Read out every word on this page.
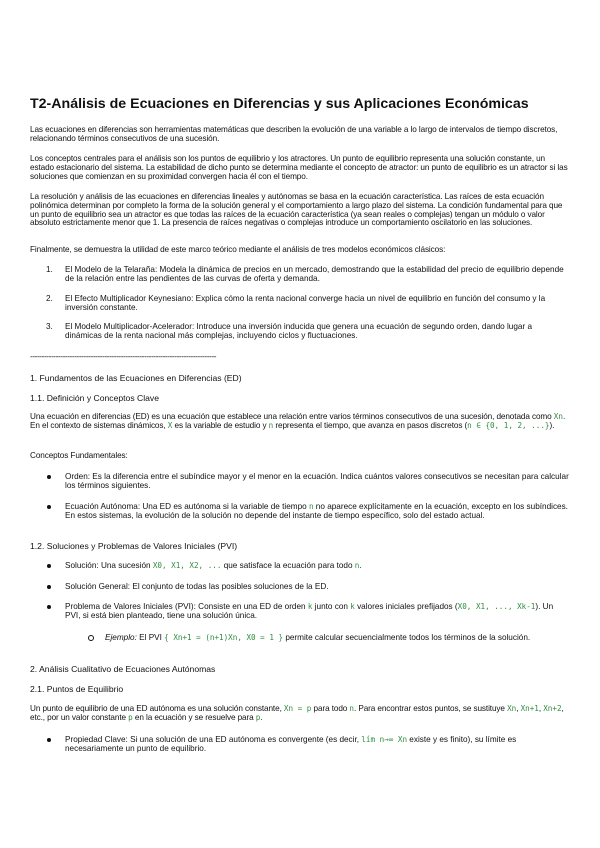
T2-Análisis de Ecuaciones en Diferencias y sus Aplicaciones Económicas
Las ecuaciones en diferencias son herramientas matemáticas que describen la evolución de una variable a lo largo de intervalos de tiempo discretos, relacionando términos consecutivos de una sucesión.
Los conceptos centrales para el análisis son los puntos de equilibrio y los atractores. Un punto de equilibrio representa una solución constante, un estado estacionario del sistema. La estabilidad de dicho punto se determina mediante el concepto de atractor: un punto de equilibrio es un atractor si las soluciones que comienzan en su proximidad convergen hacia él con el tiempo.
La resolución y análisis de las ecuaciones en diferencias lineales y autónomas se basa en la ecuación característica. Las raíces de esta ecuación polinómica determinan por completo la forma de la solución general y el comportamiento a largo plazo del sistema. La condición fundamental para que un punto de equilibrio sea un atractor es que todas las raíces de la ecuación característica (ya sean reales o complejas) tengan un módulo o valor absoluto estrictamente menor que 1. La presencia de raíces negativas o complejas introduce un comportamiento oscilatorio en las soluciones.
Finalmente, se demuestra la utilidad de este marco teórico mediante el análisis de tres modelos económicos clásicos:
1. El Modelo de la Telaraña: Modela la dinámica de precios en un mercado, demostrando que la estabilidad del precio de equilibrio depende de la relación entre las pendientes de las curvas de oferta y demanda.
2. El Efecto Multiplicador Keynesiano: Explica cómo la renta nacional converge hacia un nivel de equilibrio en función del consumo y la inversión constante.
3. El Modelo Multiplicador-Acelerador: Introduce una inversión inducida que genera una ecuación de segundo orden, dando lugar a dinámicas de la renta nacional más complejas, incluyendo ciclos y fluctuaciones.
--------------------------------------------------------------------------------
1. Fundamentos de las Ecuaciones en Diferencias (ED)
1.1. Definición y Conceptos Clave
Una ecuación en diferencias (ED) es una ecuación que establece una relación entre varios términos consecutivos de una sucesión, denotada como Xn. En el contexto de sistemas dinámicos, X es la variable de estudio y n representa el tiempo, que avanza en pasos discretos (n ∈ {0, 1, 2, ...}).
Conceptos Fundamentales:
Orden: Es la diferencia entre el subíndice mayor y el menor en la ecuación. Indica cuántos valores consecutivos se necesitan para calcular los términos siguientes.
Ecuación Autónoma: Una ED es autónoma si la variable de tiempo n no aparece explícitamente en la ecuación, excepto en los subíndices. En estos sistemas, la evolución de la solución no depende del instante de tiempo específico, solo del estado actual.
1.2. Soluciones y Problemas de Valores Iniciales (PVI)
Solución: Una sucesión X0, X1, X2, ... que satisface la ecuación para todo n.
Solución General: El conjunto de todas las posibles soluciones de la ED.
Problema de Valores Iniciales (PVI): Consiste en una ED de orden k junto con k valores iniciales prefijados (X0, X1, ..., Xk-1). Un PVI, si está bien planteado, tiene una solución única.
Ejemplo: El PVI { Xn+1 = (n+1)Xn, X0 = 1 } permite calcular secuencialmente todos los términos de la solución.
2. Análisis Cualitativo de Ecuaciones Autónomas
2.1. Puntos de Equilibrio
Un punto de equilibrio de una ED autónoma es una solución constante, Xn = p para todo n. Para encontrar estos puntos, se sustituye Xn, Xn+1, Xn+2, etc., por un valor constante p en la ecuación y se resuelve para p.
Propiedad Clave: Si una solución de una ED autónoma es convergente (es decir, lím n→∞ Xn existe y es finito), su límite es necesariamente un punto de equilibrio.
